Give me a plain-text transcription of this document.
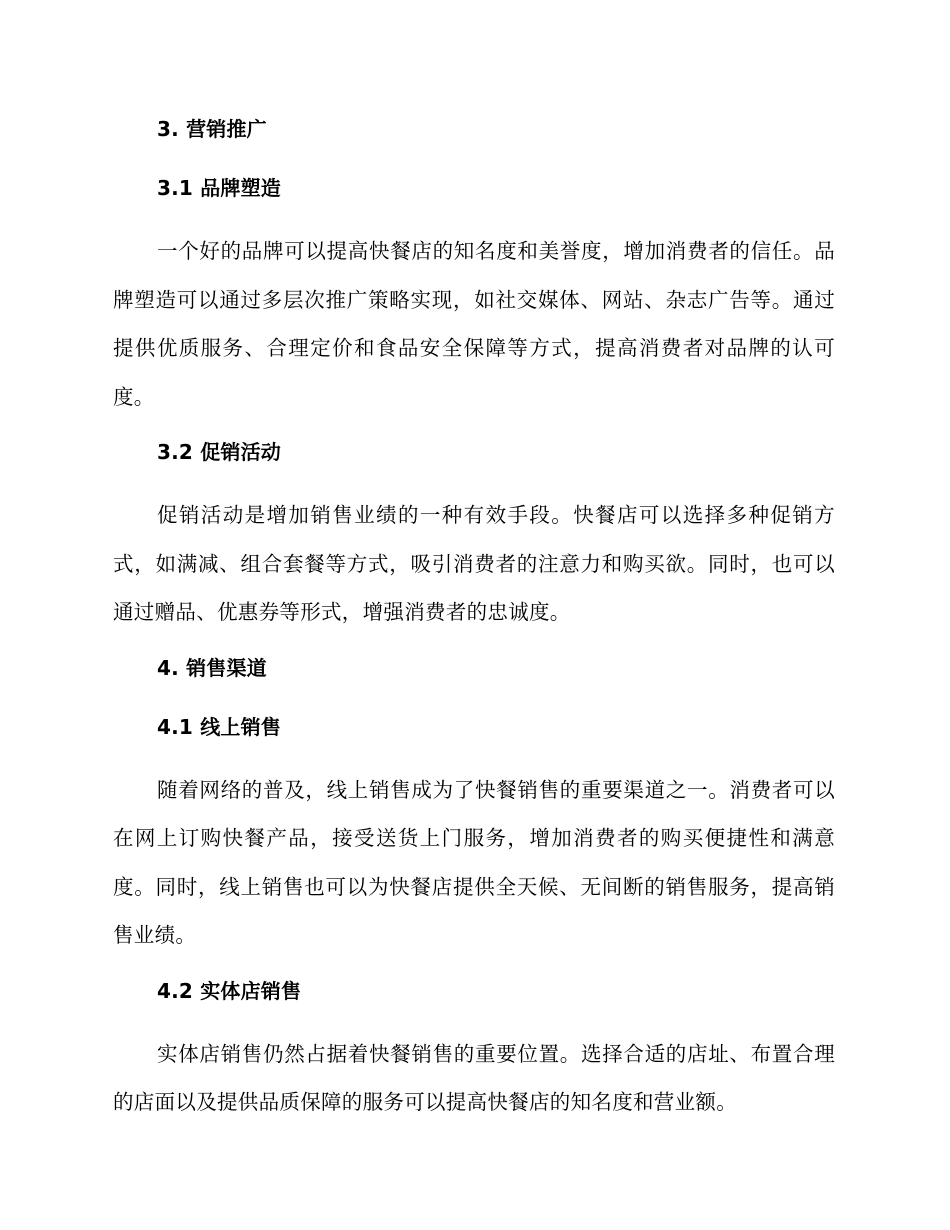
3. 营销推广
3.1 品牌塑造

一个好的品牌可以提高快餐店的知名度和美誉度，增加消费者的信任。品牌塑造可以通过多层次推广策略实现，如社交媒体、网站、杂志广告等。通过提供优质服务、合理定价和食品安全保障等方式，提高消费者对品牌的认可度。

3.2 促销活动

促销活动是增加销售业绩的一种有效手段。快餐店可以选择多种促销方式，如满减、组合套餐等方式，吸引消费者的注意力和购买欲。同时，也可以通过赠品、优惠券等形式，增强消费者的忠诚度。

4. 销售渠道
4.1 线上销售

随着网络的普及，线上销售成为了快餐销售的重要渠道之一。消费者可以在网上订购快餐产品，接受送货上门服务，增加消费者的购买便捷性和满意度。同时，线上销售也可以为快餐店提供全天候、无间断的销售服务，提高销售业绩。

4.2 实体店销售

实体店销售仍然占据着快餐销售的重要位置。选择合适的店址、布置合理的店面以及提供品质保障的服务可以提高快餐店的知名度和营业额。
